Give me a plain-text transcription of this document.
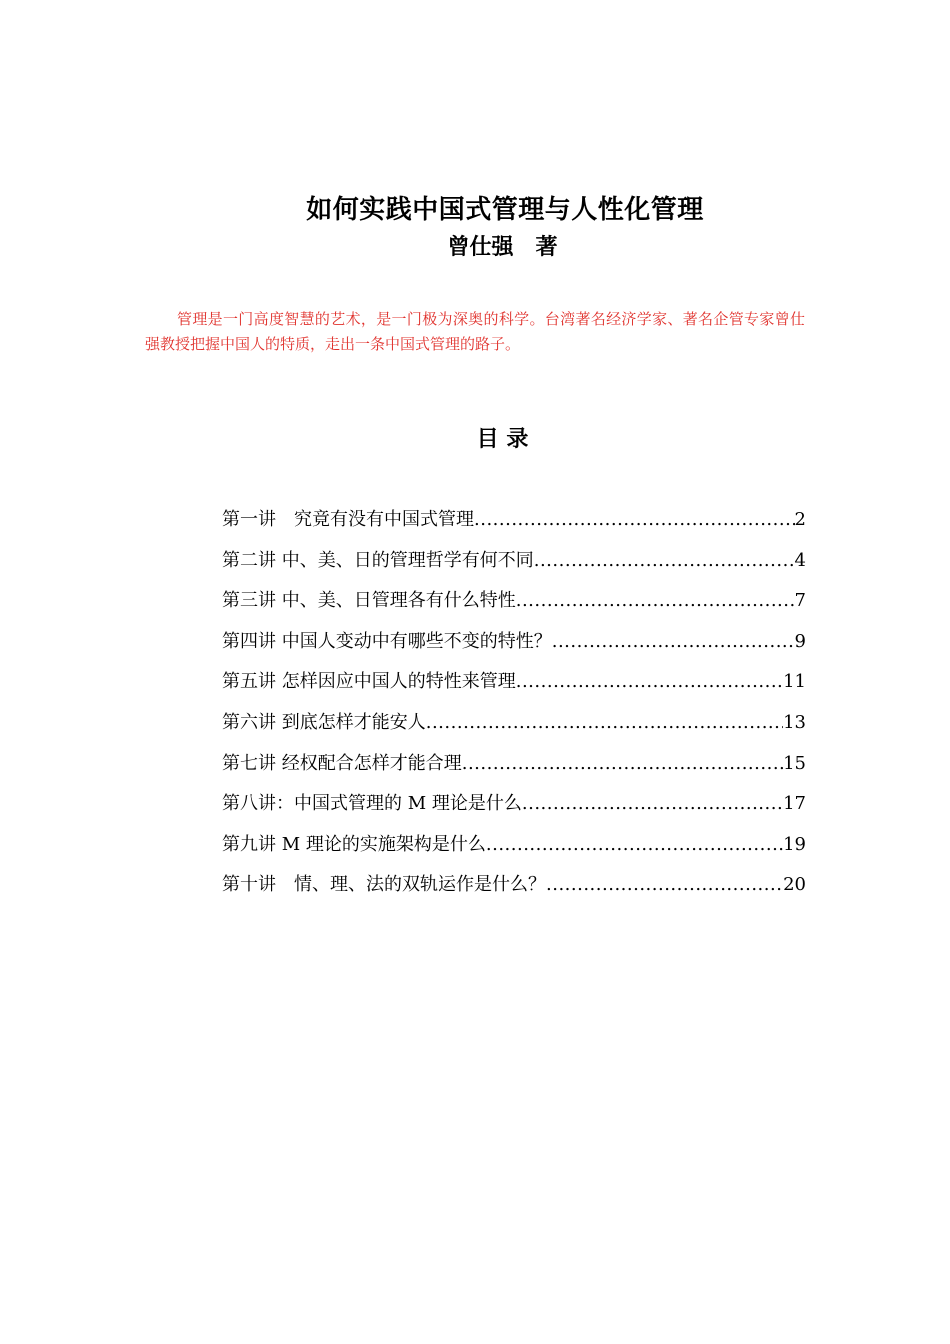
如何实践中国式管理与人性化管理
曾仕强　著

管理是一门高度智慧的艺术，是一门极为深奥的科学。台湾著名经济学家、著名企管专家曾仕强教授把握中国人的特质，走出一条中国式管理的路子。

目 录
第一讲　究竟有没有中国式管理 .....	2
第二讲 中、美、日的管理哲学有何不同 .....	4
第三讲 中、美、日管理各有什么特性 .....	7
第四讲 中国人变动中有哪些不变的特性？ .....	9
第五讲 怎样因应中国人的特性来管理 .....	11
第六讲 到底怎样才能安人 .....	13
第七讲 经权配合怎样才能合理 .....	15
第八讲：中国式管理的 M 理论是什么 .....	17
第九讲 M 理论的实施架构是什么 .....	19
第十讲　情、理、法的双轨运作是什么？ .....	20
